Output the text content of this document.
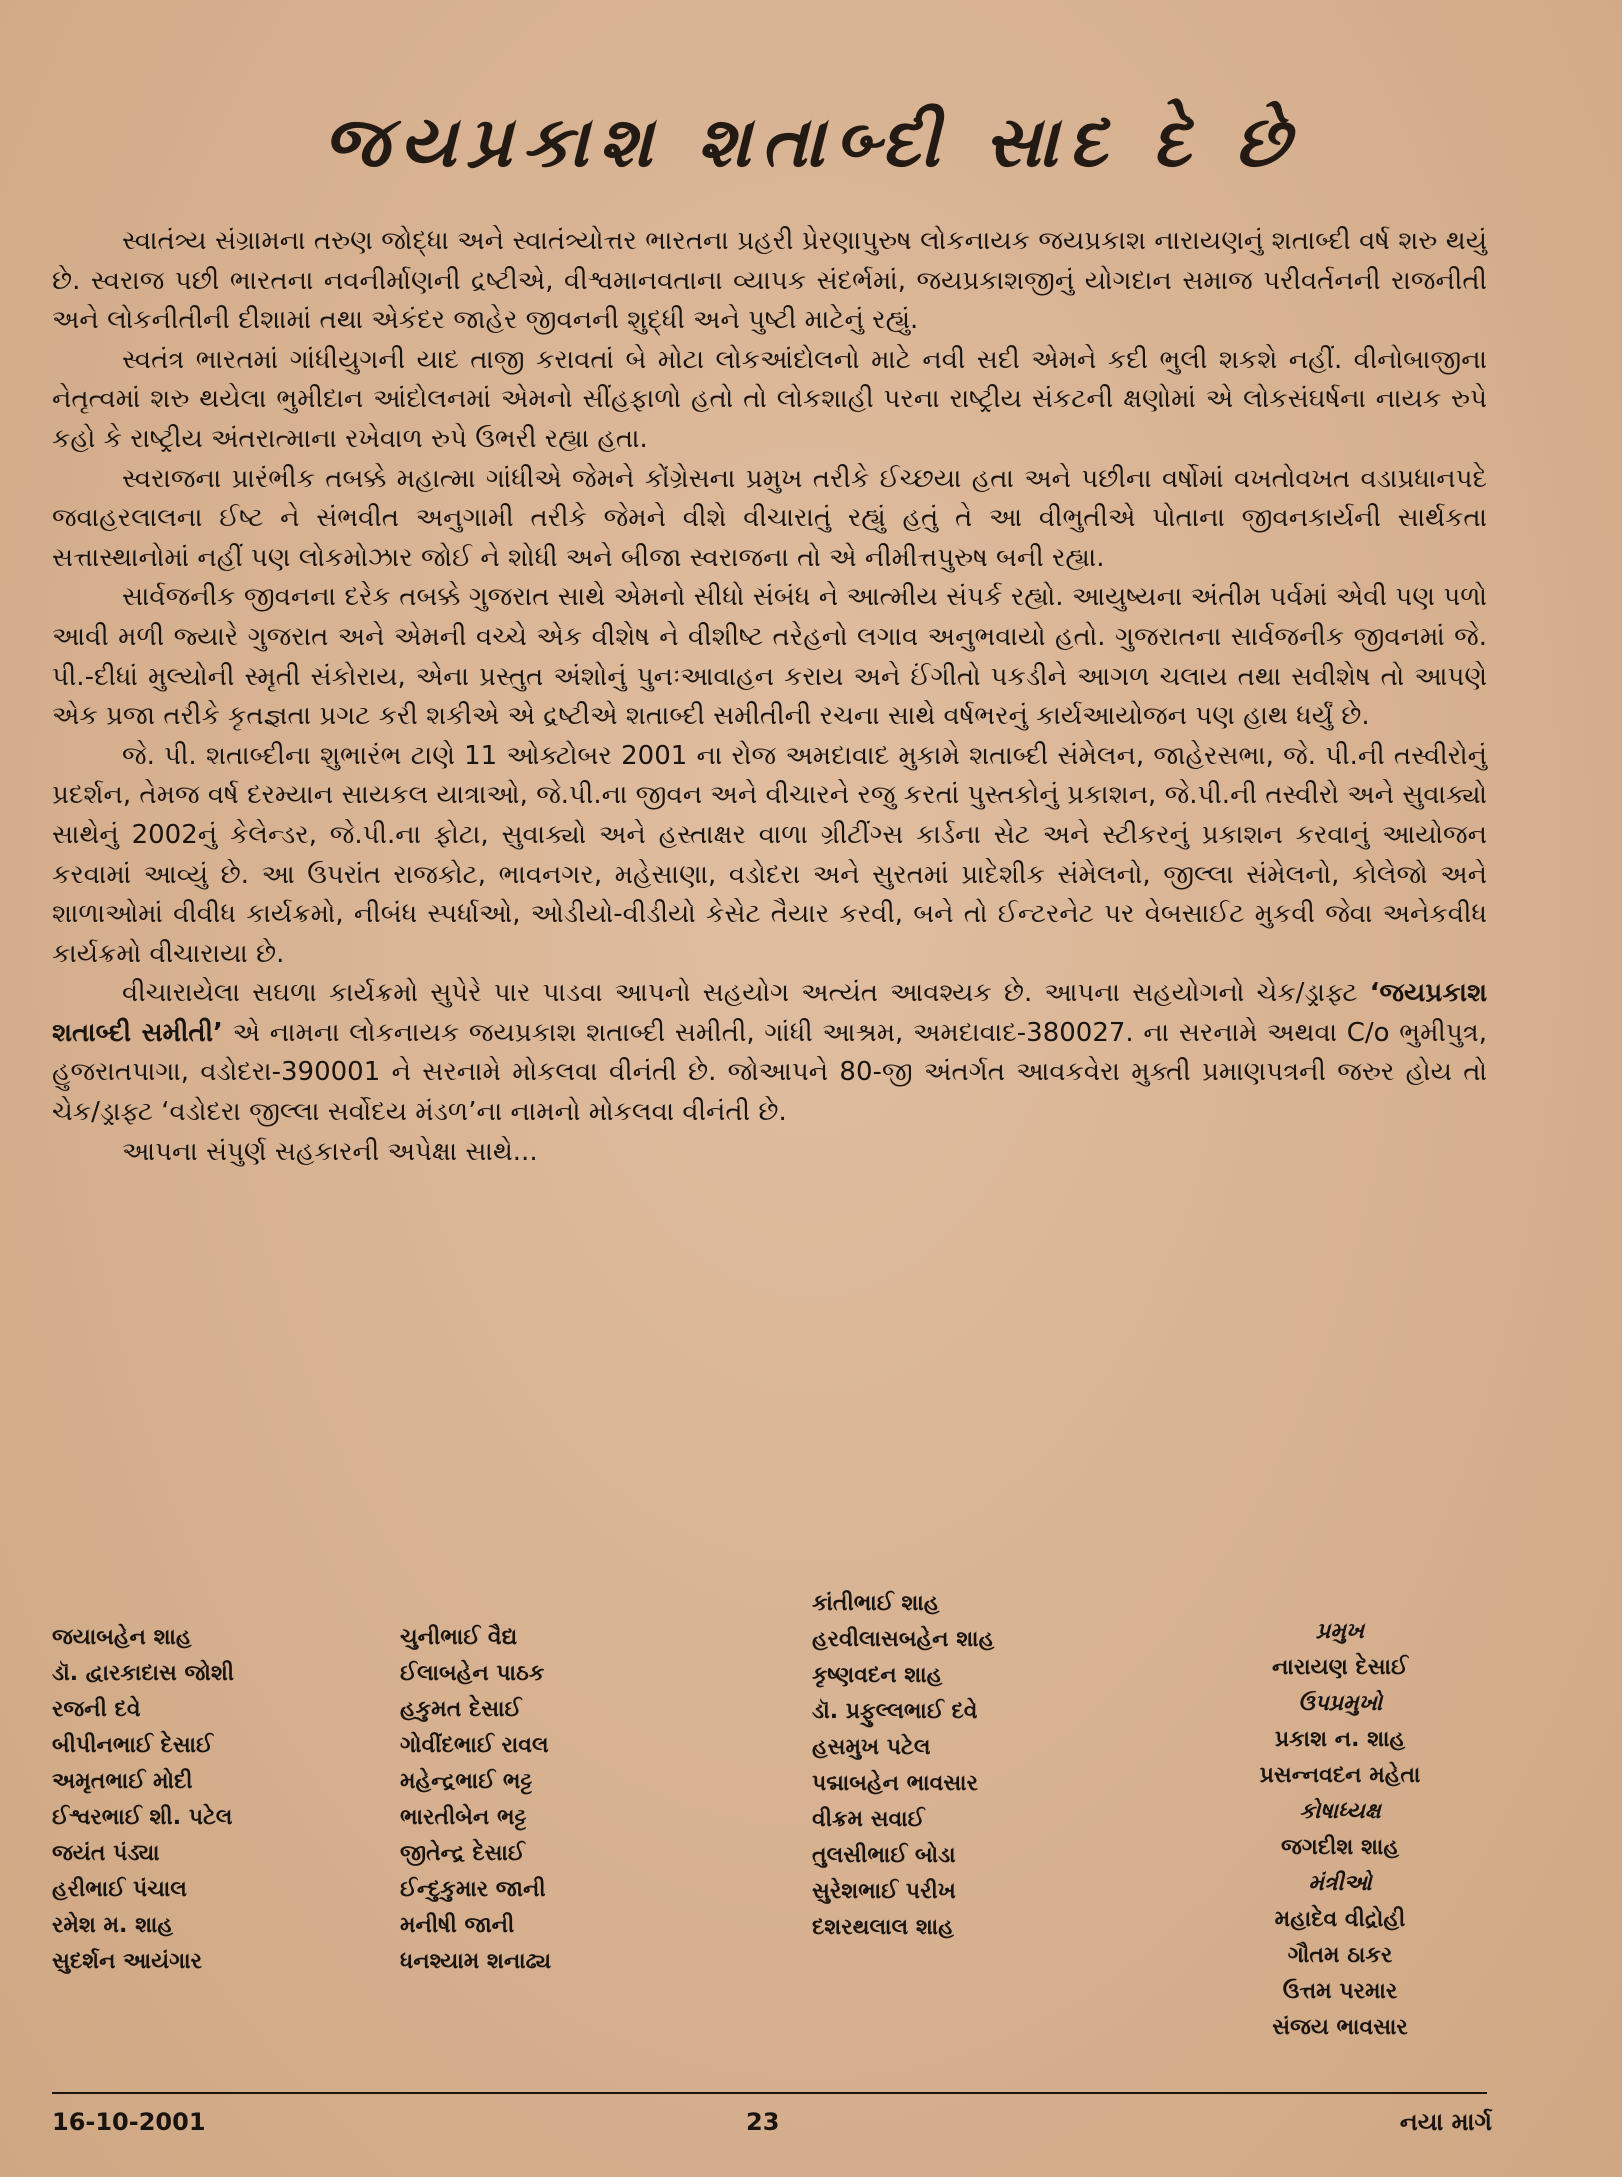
જયપ્રકાશ શતાબ્દી સાદ દે છે

સ્વાતંત્ર્ય સંગ્રામના તરુણ જોદ્ધા અને સ્વાતંત્ર્યોત્તર ભારતના પ્રહરી પ્રેરણાપુરુષ લોકનાયક જયપ્રકાશ નારાયણનું શતાબ્દી વર્ષ શરુ થયું છે. સ્વરાજ પછી ભારતના નવનીર્માણની દ્રષ્ટીએ, વીશ્વમાનવતાના વ્યાપક સંદર્ભમાં, જયપ્રકાશજીનું યોગદાન સમાજ પરીવર્તનની રાજનીતી અને લોકનીતીની દીશામાં તથા એકંદર જાહેર જીવનની શુદ્ધી અને પુષ્ટી માટેનું રહ્યું.

સ્વતંત્ર ભારતમાં ગાંધીયુગની યાદ તાજી કરાવતાં બે મોટા લોકઆંદોલનો માટે નવી સદી એમને કદી ભુલી શકશે નહીં. વીનોબાજીના નેતૃત્વમાં શરુ થયેલા ભુમીદાન આંદોલનમાં એમનો સીંહફાળો હતો તો લોકશાહી પરના રાષ્ટ્રીય સંકટની ક્ષણોમાં એ લોકસંઘર્ષના નાયક રુપે કહો કે રાષ્ટ્રીય અંતરાત્માના રખેવાળ રુપે ઉભરી રહ્યા હતા.

સ્વરાજના પ્રારંભીક તબક્કે મહાત્મા ગાંધીએ જેમને કોંગ્રેસના પ્રમુખ તરીકે ઈચ્છયા હતા અને પછીના વર્ષોમાં વખતોવખત વડાપ્રધાનપદે જવાહરલાલના ઈષ્ટ ને સંભવીત અનુગામી તરીકે જેમને વીશે વીચારાતું રહ્યું હતું તે આ વીભુતીએ પોતાના જીવનકાર્યની સાર્થકતા સત્તાસ્થાનોમાં નહીં પણ લોકમોઝાર જોઈ ને શોધી અને બીજા સ્વરાજના તો એ નીમીત્તપુરુષ બની રહ્યા.

સાર્વજનીક જીવનના દરેક તબક્કે ગુજરાત સાથે એમનો સીધો સંબંધ ને આત્મીય સંપર્ક રહ્યો. આયુષ્યના અંતીમ પર્વમાં એવી પણ પળો આવી મળી જ્યારે ગુજરાત અને એમની વચ્ચે એક વીશેષ ને વીશીષ્ટ તરેહનો લગાવ અનુભવાયો હતો. ગુજરાતના સાર્વજનીક જીવનમાં જે. પી.-દીધાં મુલ્યોની સ્મૃતી સંકોરાય, એના પ્રસ્તુત અંશોનું પુનઃઆવાહન કરાય અને ઈંગીતો પકડીને આગળ ચલાય તથા સવીશેષ તો આપણે એક પ્રજા તરીકે કૃતજ્ઞતા પ્રગટ કરી શકીએ એ દ્રષ્ટીએ શતાબ્દી સમીતીની રચના સાથે વર્ષભરનું કાર્યઆયોજન પણ હાથ ધર્યું છે.

જે. પી. શતાબ્દીના શુભારંભ ટાણે 11 ઓક્ટોબર 2001 ના રોજ અમદાવાદ મુકામે શતાબ્દી સંમેલન, જાહેરસભા, જે. પી.ની તસ્વીરોનું પ્રદર્શન, તેમજ વર્ષ દરમ્યાન સાયકલ યાત્રાઓ, જે.પી.ના જીવન અને વીચારને રજુ કરતાં પુસ્તકોનું પ્રકાશન, જે.પી.ની તસ્વીરો અને સુવાક્યો સાથેનું 2002નું કેલેન્ડર, જે.પી.ના ફોટા, સુવાક્યો અને હસ્તાક્ષર વાળા ગ્રીટીંગ્સ કાર્ડના સેટ અને સ્ટીકરનું પ્રકાશન કરવાનું આયોજન કરવામાં આવ્યું છે. આ ઉપરાંત રાજકોટ, ભાવનગર, મહેસાણા, વડોદરા અને સુરતમાં પ્રાદેશીક સંમેલનો, જીલ્લા સંમેલનો, કોલેજો અને શાળાઓમાં વીવીધ કાર્યક્રમો, નીબંધ સ્પર્ધાઓ, ઓડીયો-વીડીયો કેસેટ તૈયાર કરવી, બને તો ઈન્ટરનેટ પર વેબસાઈટ મુકવી જેવા અનેકવીધ કાર્યક્રમો વીચારાયા છે.

વીચારાયેલા સઘળા કાર્યક્રમો સુપેરે પાર પાડવા આપનો સહયોગ અત્યંત આવશ્યક છે. આપના સહયોગનો ચેક/ડ્રાફ્ટ ‘જયપ્રકાશ શતાબ્દી સમીતી’ એ નામના લોકનાયક જયપ્રકાશ શતાબ્દી સમીતી, ગાંધી આશ્રમ, અમદાવાદ-380027. ના સરનામે અથવા C/o ભુમીપુત્ર, હુજરાતપાગા, વડોદરા-390001 ને સરનામે મોકલવા વીનંતી છે. જોઆપને 80-જી અંતર્ગત આવકવેરા મુક્તી પ્રમાણપત્રની જરુર હોય તો ચેક/ડ્રાફ્ટ ‘વડોદરા જીલ્લા સર્વોદય મંડળ’ના નામનો મોકલવા વીનંતી છે.

આપના સંપુર્ણ સહકારની અપેક્ષા સાથે...

જયાબહેન શાહ
ડૉ. દ્વારકાદાસ જોશી
રજની દવે
બીપીનભાઈ દેસાઈ
અમૃતભાઈ મોદી
ઈશ્વરભાઈ શી. પટેલ
જયંત પંડ્યા
હરીભાઈ પંચાલ
રમેશ મ. શાહ
સુદર્શન આયંગાર
ચુનીભાઈ વૈદ્ય
ઈલાબહેન પાઠક
હકુમત દેસાઈ
ગોવીંદભાઈ રાવલ
મહેન્દ્રભાઈ ભટ્ટ
ભારતીબેન ભટ્ટ
જીતેન્દ્ર દેસાઈ
ઈન્દુકુમાર જાની
મનીષી જાની
ધનશ્યામ શનાઢ્ય
કાંતીભાઈ શાહ
હરવીલાસબહેન શાહ
કૃષ્ણવદન શાહ
ડૉ. પ્રફુલ્લભાઈ દવે
હસમુખ પટેલ
પદ્માબહેન ભાવસાર
વીક્રમ સવાઈ
તુલસીભાઈ બોડા
સુરેશભાઈ પરીખ
દશરથલાલ શાહ
પ્રમુખ
નારાયણ દેસાઈ
ઉપપ્રમુખો
પ્રકાશ ન. શાહ
પ્રસન્નવદન મહેતા
કોષાધ્યક્ષ
જગદીશ શાહ
મંત્રીઓ
મહાદેવ વીદ્રોહી
ગૌતમ ઠાકર
ઉત્તમ પરમાર
સંજય ભાવસાર
16-10-2001	23	નયા માર્ગ
